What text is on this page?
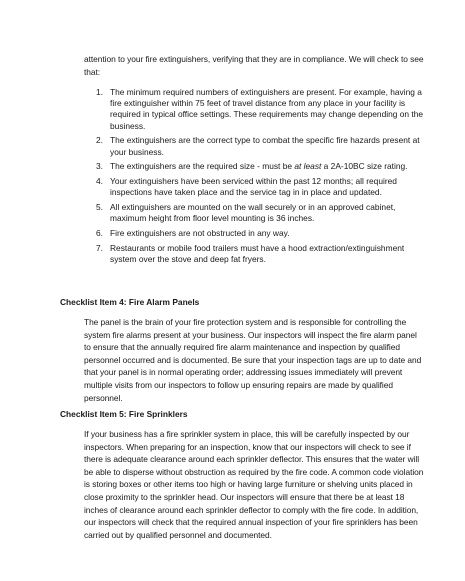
attention to your fire extinguishers, verifying that they are in compliance. We will check to see that:

1. The minimum required numbers of extinguishers are present. For example, having a fire extinguisher within 75 feet of travel distance from any place in your facility is required in typical office settings. These requirements may change depending on the business.
2. The extinguishers are the correct type to combat the specific fire hazards present at your business.
3. The extinguishers are the required size - must be at least a 2A-10BC size rating.
4. Your extinguishers have been serviced within the past 12 months; all required inspections have taken place and the service tag in in place and updated.
5. All extinguishers are mounted on the wall securely or in an approved cabinet, maximum height from floor level mounting is 36 inches.
6. Fire extinguishers are not obstructed in any way.
7. Restaurants or mobile food trailers must have a hood extraction/extinguishment system over the stove and deep fat fryers.
Checklist Item 4: Fire Alarm Panels

The panel is the brain of your fire protection system and is responsible for controlling the system fire alarms present at your business. Our inspectors will inspect the fire alarm panel to ensure that the annually required fire alarm maintenance and inspection by qualified personnel occurred and is documented. Be sure that your inspection tags are up to date and that your panel is in normal operating order; addressing issues immediately will prevent multiple visits from our inspectors to follow up ensuring repairs are made by qualified personnel.

Checklist Item 5: Fire Sprinklers

If your business has a fire sprinkler system in place, this will be carefully inspected by our inspectors. When preparing for an inspection, know that our inspectors will check to see if there is adequate clearance around each sprinkler deflector. This ensures that the water will be able to disperse without obstruction as required by the fire code. A common code violation is storing boxes or other items too high or having large furniture or shelving units placed in close proximity to the sprinkler head. Our inspectors will ensure that there be at least 18 inches of clearance around each sprinkler deflector to comply with the fire code. In addition, our inspectors will check that the required annual inspection of your fire sprinklers has been carried out by qualified personnel and documented.
